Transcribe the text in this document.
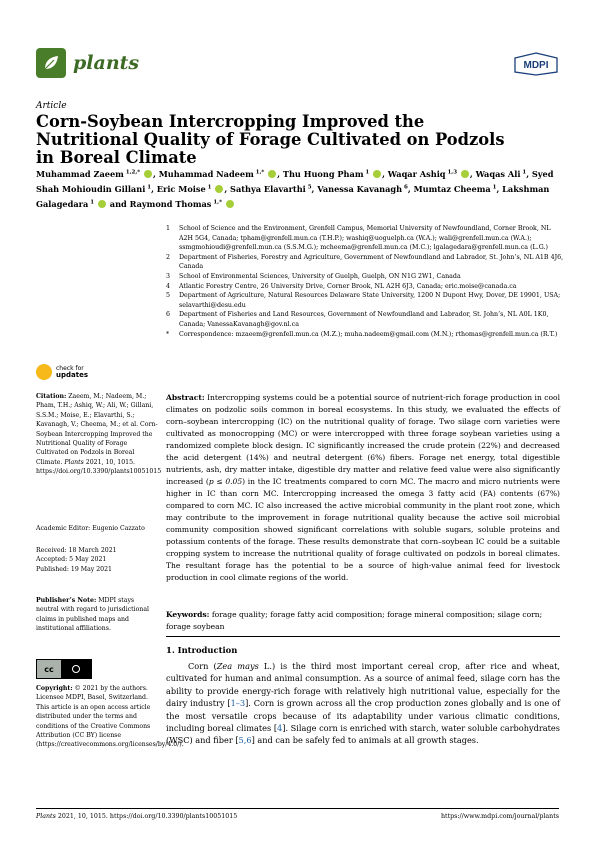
plants	MDPI
Article
Corn-Soybean Intercropping Improved the Nutritional Quality of Forage Cultivated on Podzols in Boreal Climate
Muhammad Zaeem $^{1,2,*}$ , Muhammad Nadeem $^{1,*}$ , Thu Huong Pham $^1$ , Waqar Ashiq $^{1,3}$ , Waqas Ali $^1$, Syed Shah Mohioudin Gillani $^1$, Eric Moise $^1$ , Sathya Elavarthi $^5$, Vanessa Kavanagh $^6$, Mumtaz Cheema $^1$, Lakshman Galagedara $^1$ and Raymond Thomas $^{1,*}$
1	School of Science and the Environment, Grenfell Campus, Memorial University of Newfoundland, Corner Brook, NL A2H 5G4, Canada; tpham@grenfell.mun.ca (T.H.P.); washiq@uoguelph.ca (W.A.); wali@grenfell.mun.ca (W.A.); ssmgmohioudi@grenfell.mun.ca (S.S.M.G.); mcheema@grenfell.mun.ca (M.C.); lgalagedara@grenfell.mun.ca (L.G.)
2	Department of Fisheries, Forestry and Agriculture, Government of Newfoundland and Labrador, St. John’s, NL A1B 4J6, Canada
3	School of Environmental Sciences, University of Guelph, Guelph, ON N1G 2W1, Canada
4	Atlantic Forestry Centre, 26 University Drive, Corner Brook, NL A2H 6J3, Canada; eric.moise@canada.ca
5	Department of Agriculture, Natural Resources Delaware State University, 1200 N Dupont Hwy, Dover, DE 19901, USA; selavarthi@desu.edu
6	Department of Fisheries and Land Resources, Government of Newfoundland and Labrador, St. John’s, NL A0L 1K0, Canada; VanessaKavanagh@gov.nl.ca
*	Correspondence: mzaeem@grenfell.mun.ca (M.Z.); muha.nadeem@gmail.com (M.N.); rthomas@grenfell.mun.ca (R.T.)
check for
updates
Citation: Zaeem, M.; Nadeem, M.; Pham, T.H.; Ashiq, W.; Ali, W.; Gillani, S.S.M.; Moise, E.; Elavarthi, S.; Kavanagh, V.; Cheema, M.; et al. Corn-Soybean Intercropping Improved the Nutritional Quality of Forage Cultivated on Podzols in Boreal Climate. Plants 2021, 10, 1015. https://doi.org/10.3390/plants10051015
Academic Editor: Eugenio Cazzato
Received: 18 March 2021
Accepted: 5 May 2021
Published: 19 May 2021
Publisher’s Note: MDPI stays neutral with regard to jurisdictional claims in published maps and institutional affiliations.
cc
Copyright: © 2021 by the authors. Licensee MDPI, Basel, Switzerland. This article is an open access article distributed under the terms and conditions of the Creative Commons Attribution (CC BY) license (https://creativecommons.org/licenses/by/4.0/).
Abstract: Intercropping systems could be a potential source of nutrient-rich forage production in cool climates on podzolic soils common in boreal ecosystems. In this study, we evaluated the effects of corn–soybean intercropping (IC) on the nutritional quality of forage. Two silage corn varieties were cultivated as monocropping (MC) or were intercropped with three forage soybean varieties using a randomized complete block design. IC significantly increased the crude protein (22%) and decreased the acid detergent (14%) and neutral detergent (6%) fibers. Forage net energy, total digestible nutrients, ash, dry matter intake, digestible dry matter and relative feed value were also significantly increased (p ≤ 0.05) in the IC treatments compared to corn MC. The macro and micro nutrients were higher in IC than corn MC. Intercropping increased the omega 3 fatty acid (FA) contents (67%) compared to corn MC. IC also increased the active microbial community in the plant root zone, which may contribute to the improvement in forage nutritional quality because the active soil microbial community composition showed significant correlations with soluble sugars, soluble proteins and potassium contents of the forage. These results demonstrate that corn–soybean IC could be a suitable cropping system to increase the nutritional quality of forage cultivated on podzols in boreal climates. The resultant forage has the potential to be a source of high-value animal feed for livestock production in cool climate regions of the world.
Keywords: forage quality; forage fatty acid composition; forage mineral composition; silage corn; forage soybean
1. Introduction

Corn (Zea mays L.) is the third most important cereal crop, after rice and wheat, cultivated for human and animal consumption. As a source of animal feed, silage corn has the ability to provide energy-rich forage with relatively high nutritional value, especially for the dairy industry [1–3]. Corn is grown across all the crop production zones globally and is one of the most versatile crops because of its adaptability under various climatic conditions, including boreal climates [4]. Silage corn is enriched with starch, water soluble carbohydrates (WSC) and fiber [5,6] and can be safely fed to animals at all growth stages.

Plants 2021, 10, 1015. https://doi.org/10.3390/plants10051015	https://www.mdpi.com/journal/plants
